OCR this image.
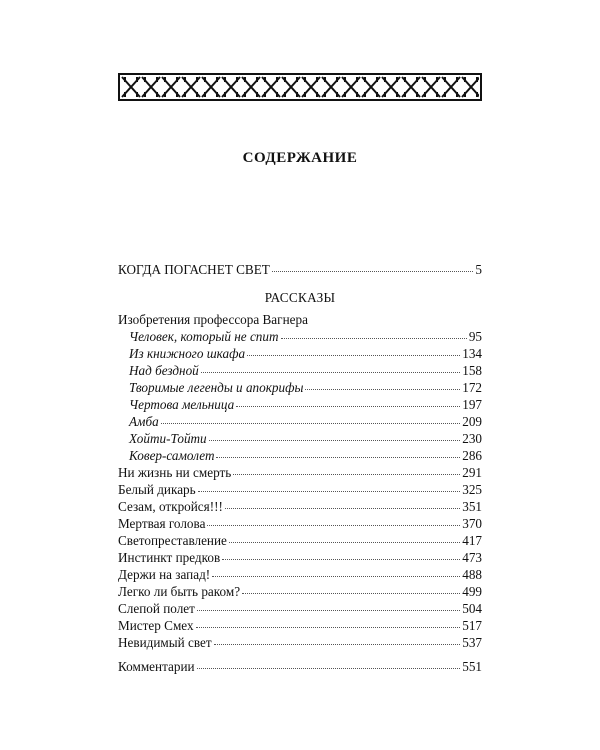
СОДЕРЖАНИЕ
КОГДА ПОГАСНЕТ СВЕТ	5
РАССКАЗЫ
Изобретения профессора Вагнера
Человек, который не спит	95
Из книжного шкафа	134
Над бездной	158
Творимые легенды и апокрифы	172
Чертова мельница	197
Амба	209
Хойти-Тойти	230
Ковер-самолет	286
Ни жизнь ни смерть	291
Белый дикарь	325
Сезам, откройся!!!	351
Мертвая голова	370
Светопреставление	417
Инстинкт предков	473
Держи на запад!	488
Легко ли быть раком?	499
Слепой полет	504
Мистер Смех	517
Невидимый свет	537
Комментарии	551
